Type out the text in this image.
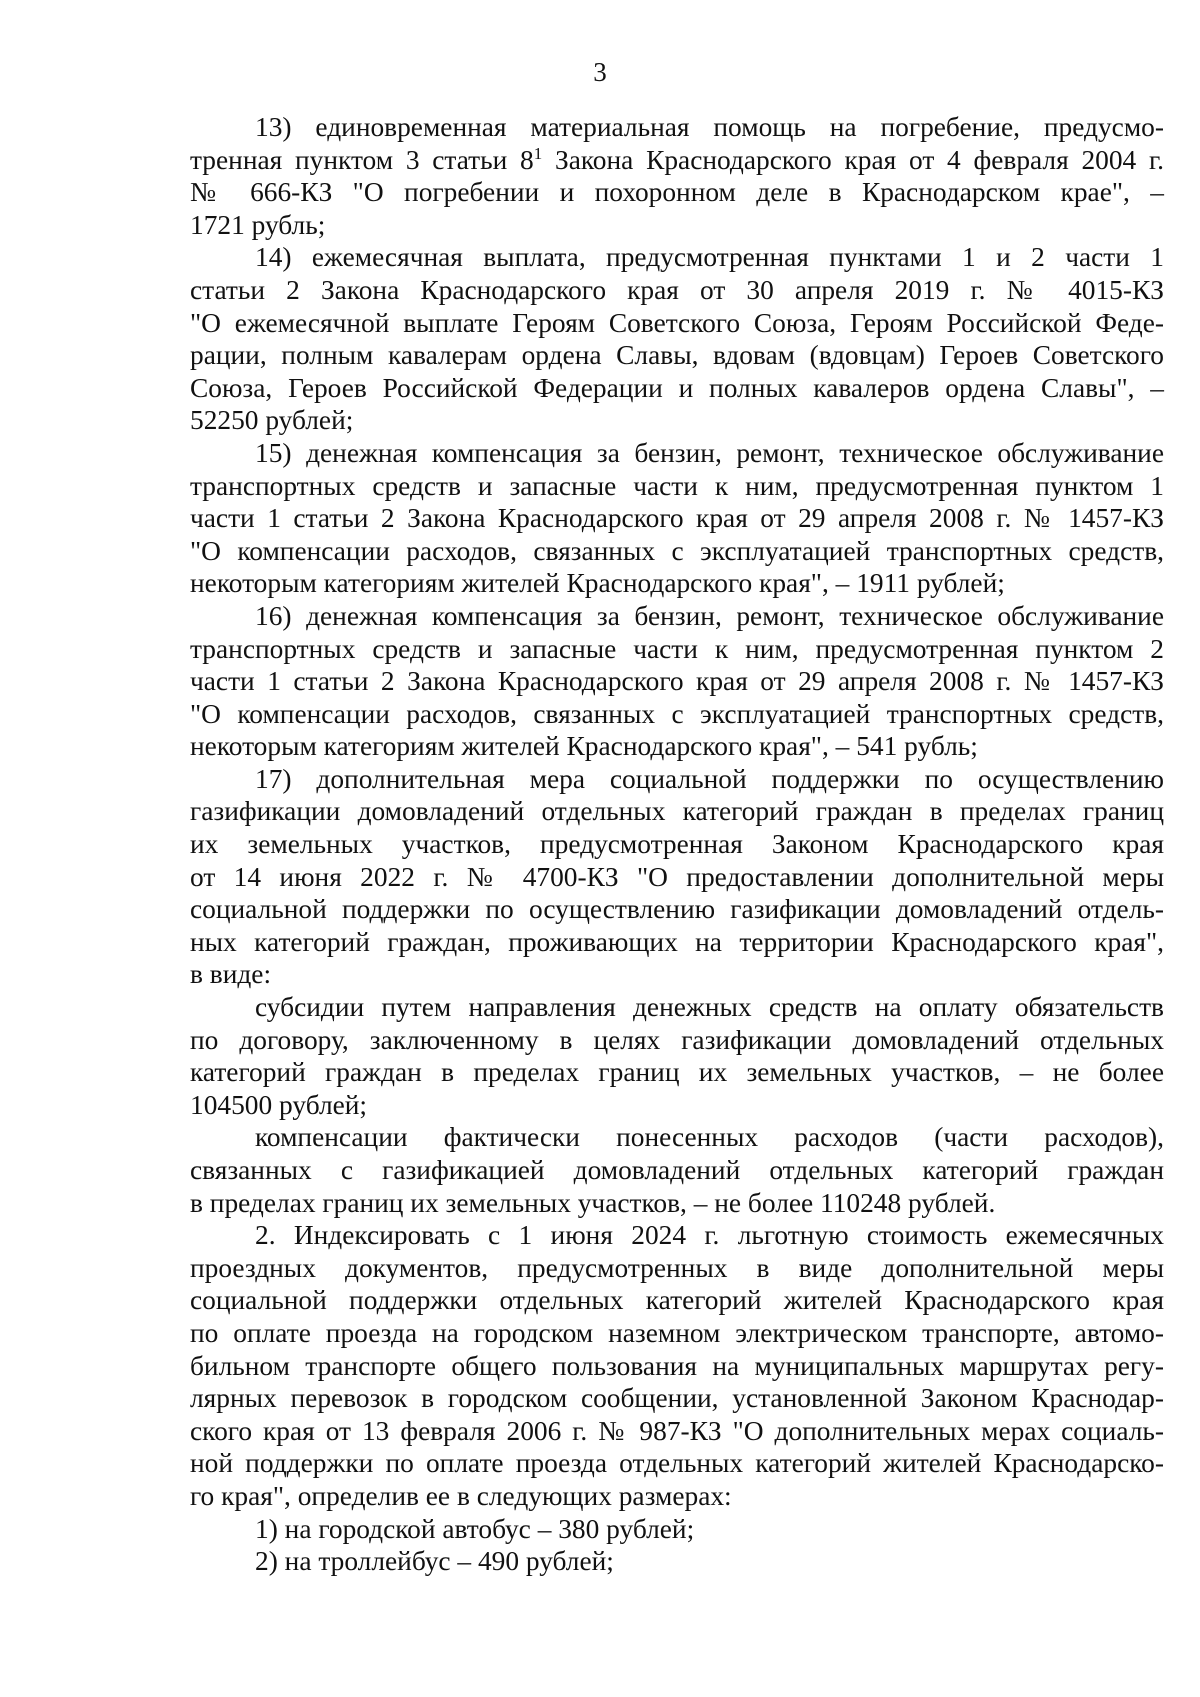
3
13) единовременная материальная помощь на погребение, предусмо-
тренная пунктом 3 статьи $8^1$ Закона Краснодарского края от 4 февраля 2004 г.
№ 666-КЗ "О погребении и похоронном деле в Краснодарском крае", –
1721 рубль;
14) ежемесячная выплата, предусмотренная пунктами 1 и 2 части 1
статьи 2 Закона Краснодарского края от 30 апреля 2019 г. № 4015-КЗ
"О ежемесячной выплате Героям Советского Союза, Героям Российской Феде-
рации, полным кавалерам ордена Славы, вдовам (вдовцам) Героев Советского
Союза, Героев Российской Федерации и полных кавалеров ордена Славы", –
52250 рублей;
15) денежная компенсация за бензин, ремонт, техническое обслуживание
транспортных средств и запасные части к ним, предусмотренная пунктом 1
части 1 статьи 2 Закона Краснодарского края от 29 апреля 2008 г. № 1457-КЗ
"О компенсации расходов, связанных с эксплуатацией транспортных средств,
некоторым категориям жителей Краснодарского края", – 1911 рублей;
16) денежная компенсация за бензин, ремонт, техническое обслуживание
транспортных средств и запасные части к ним, предусмотренная пунктом 2
части 1 статьи 2 Закона Краснодарского края от 29 апреля 2008 г. № 1457-КЗ
"О компенсации расходов, связанных с эксплуатацией транспортных средств,
некоторым категориям жителей Краснодарского края", – 541 рубль;
17) дополнительная мера социальной поддержки по осуществлению
газификации домовладений отдельных категорий граждан в пределах границ
их земельных участков, предусмотренная Законом Краснодарского края
от 14 июня 2022 г. № 4700-КЗ "О предоставлении дополнительной меры
социальной поддержки по осуществлению газификации домовладений отдель-
ных категорий граждан, проживающих на территории Краснодарского края",
в виде:
субсидии путем направления денежных средств на оплату обязательств
по договору, заключенному в целях газификации домовладений отдельных
категорий граждан в пределах границ их земельных участков, – не более
104500 рублей;
компенсации фактически понесенных расходов (части расходов),
связанных с газификацией домовладений отдельных категорий граждан
в пределах границ их земельных участков, – не более 110248 рублей.
2. Индексировать с 1 июня 2024 г. льготную стоимость ежемесячных
проездных документов, предусмотренных в виде дополнительной меры
социальной поддержки отдельных категорий жителей Краснодарского края
по оплате проезда на городском наземном электрическом транспорте, автомо-
бильном транспорте общего пользования на муниципальных маршрутах регу-
лярных перевозок в городском сообщении, установленной Законом Краснодар-
ского края от 13 февраля 2006 г. № 987-КЗ "О дополнительных мерах социаль-
ной поддержки по оплате проезда отдельных категорий жителей Краснодарско-
го края", определив ее в следующих размерах:
1) на городской автобус – 380 рублей;
2) на троллейбус – 490 рублей;
